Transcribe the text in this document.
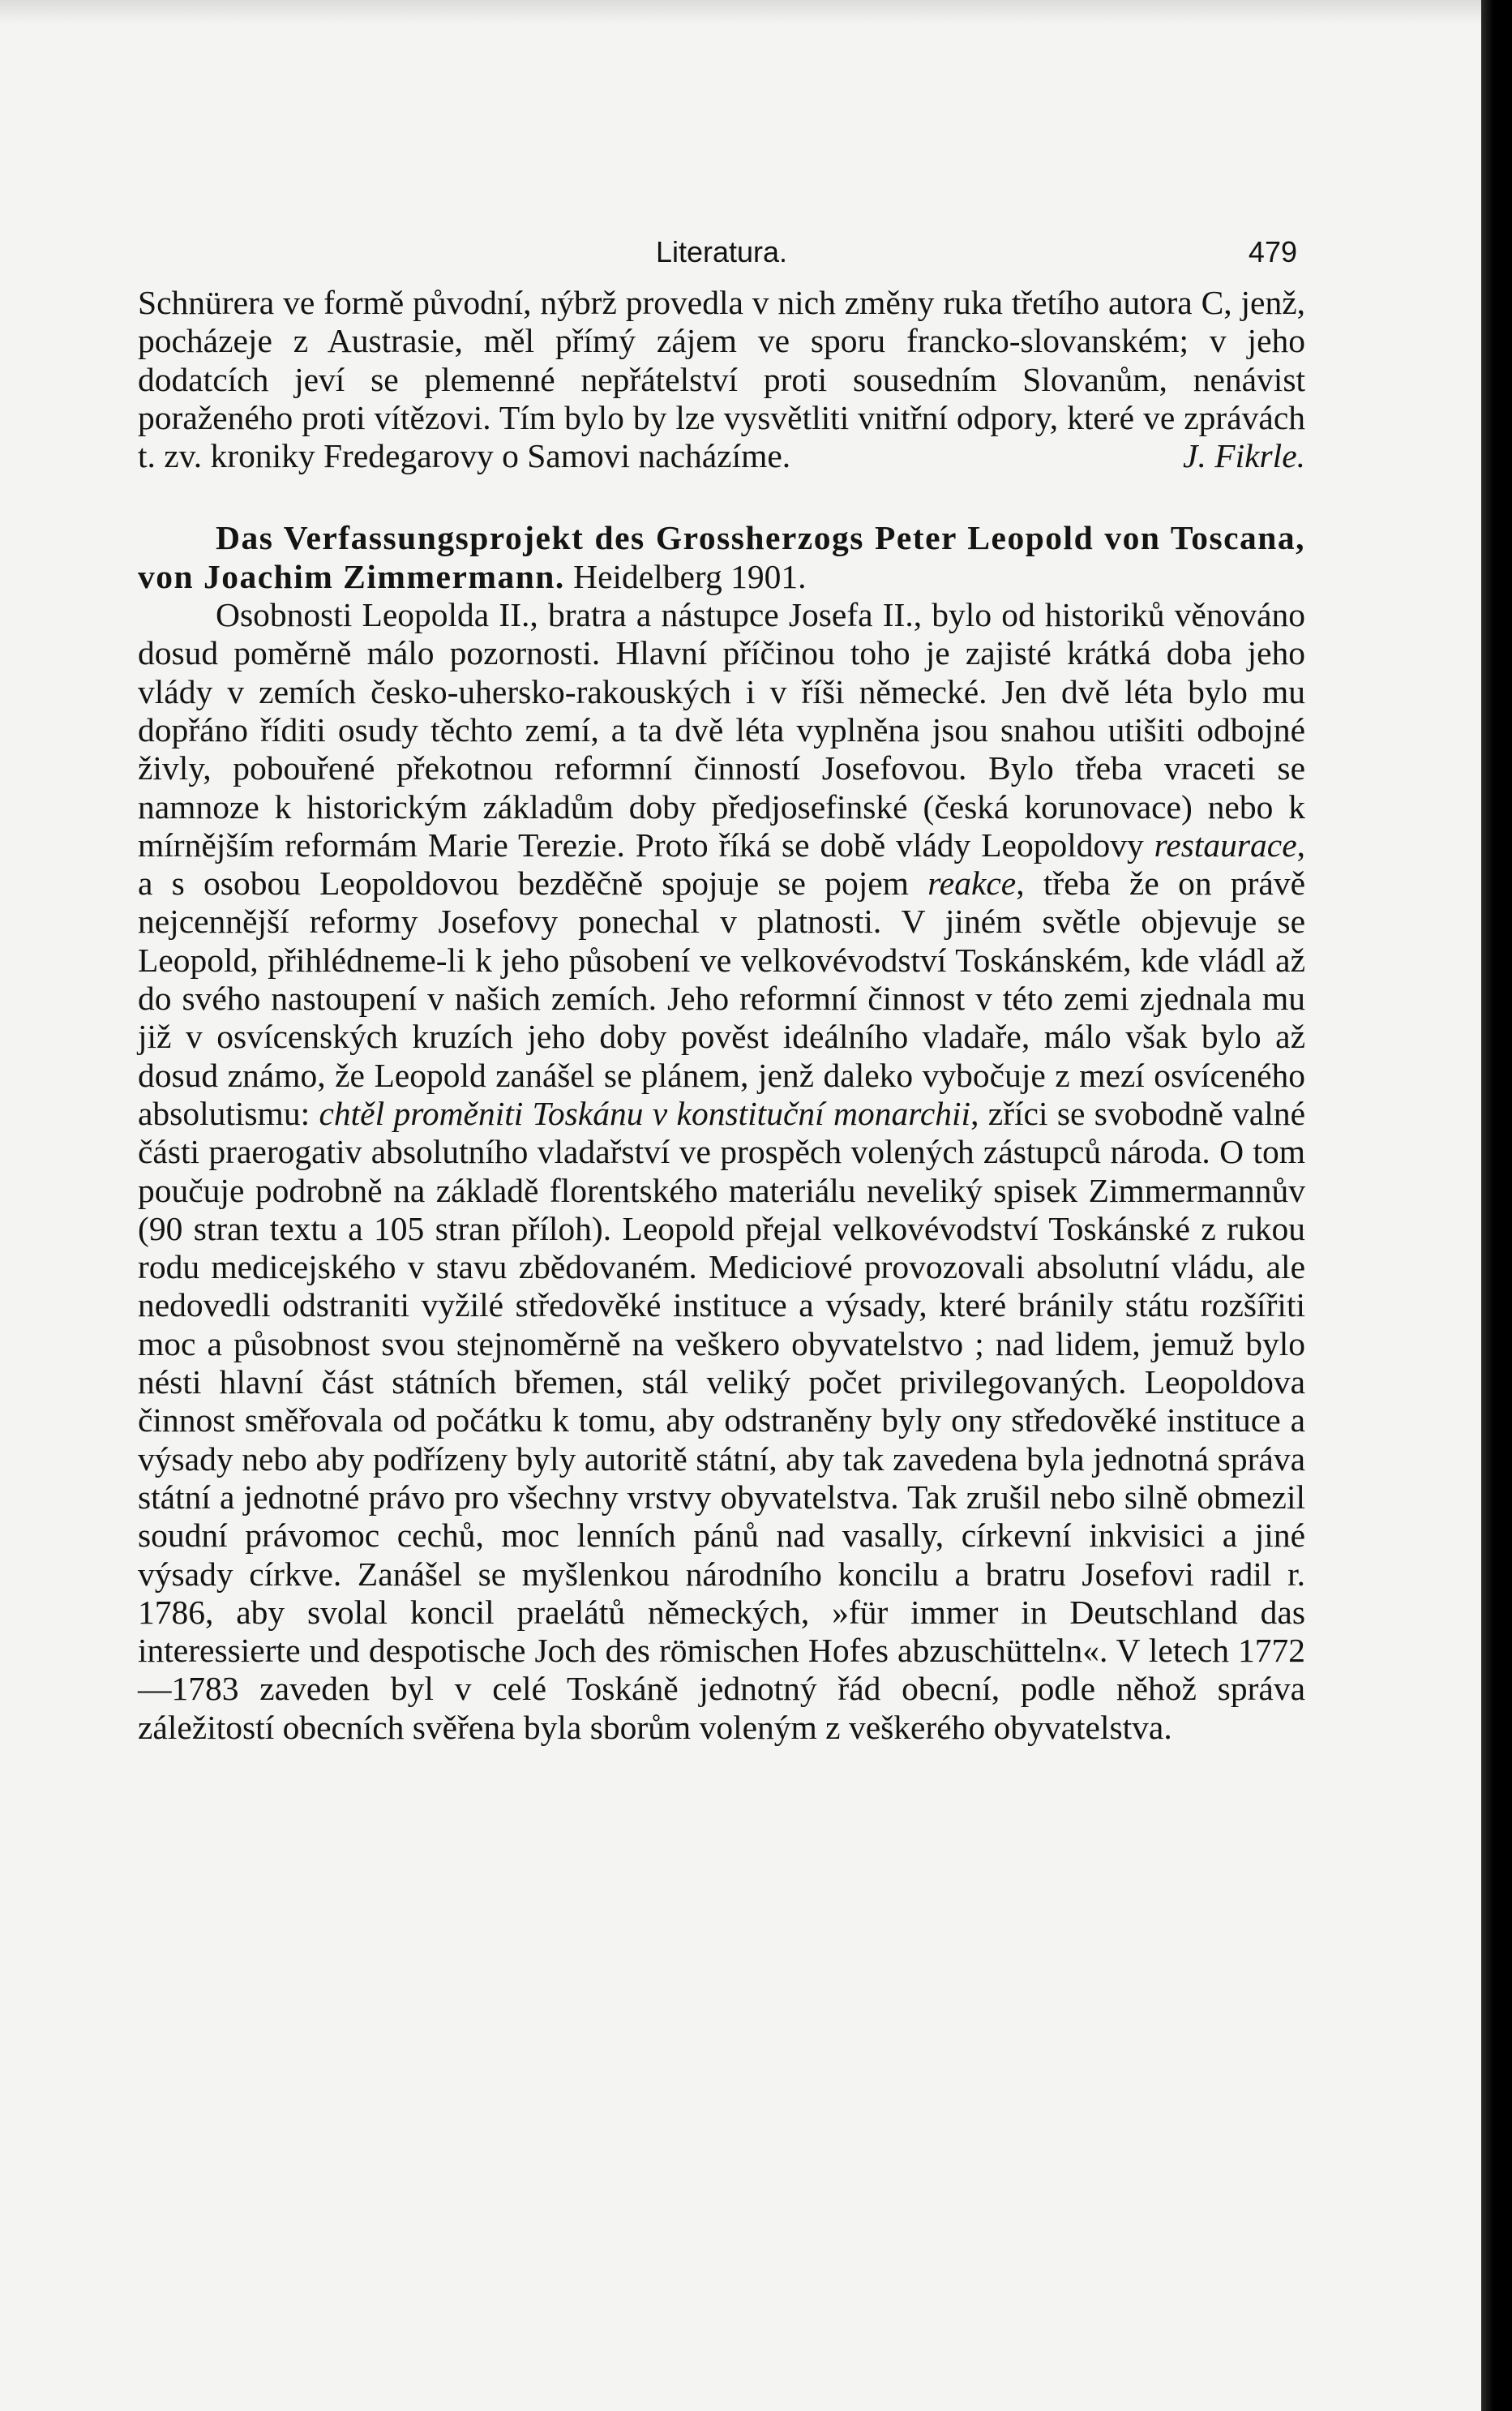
Literatura.	479

Schnürera ve formě původní, nýbrž provedla v nich změny ruka třetího autora C, jenž, pocházeje z Austrasie, měl přímý zájem ve sporu francko-slovanském; v jeho dodatcích jeví se plemenné nepřátelství proti sousedním Slovanům, nenávist poraženého proti vítězovi. Tím bylo by lze vysvětliti vnitřní odpory, které ve zprávách t. zv. kroniky Fredegarovy o Samovi nacházíme.	J. Fikrle.

Das Verfassungsprojekt des Grossherzogs Peter Leopold von Toscana, von Joachim Zimmermann. Heidelberg 1901.

Osobnosti Leopolda II., bratra a nástupce Josefa II., bylo od historiků věnováno dosud poměrně málo pozornosti. Hlavní příčinou toho je zajisté krátká doba jeho vlády v zemích česko-uhersko-rakouských i v říši německé. Jen dvě léta bylo mu dopřáno říditi osudy těchto zemí, a ta dvě léta vyplněna jsou snahou utišiti odbojné živly, pobouřené překotnou reformní činností Josefovou. Bylo třeba vraceti se namnoze k historickým základům doby předjosefinské (česká korunovace) nebo k mírnějším reformám Marie Terezie. Proto říká se době vlády Leopoldovy restaurace, a s osobou Leopoldovou bezděčně spojuje se pojem reakce, třeba že on právě nejcennější reformy Josefovy ponechal v platnosti. V jiném světle objevuje se Leopold, přihlédneme-li k jeho působení ve velkovévodství Toskánském, kde vládl až do svého nastoupení v našich zemích. Jeho reformní činnost v této zemi zjednala mu již v osvícenských kruzích jeho doby pověst ideálního vladaře, málo však bylo až dosud známo, že Leopold zanášel se plánem, jenž daleko vybočuje z mezí osvíceného absolutismu: chtěl proměniti Toskánu v konstituční monarchii, zříci se svobodně valné části praerogativ absolutního vladařství ve prospěch volených zástupců národa. O tom poučuje podrobně na základě florentského materiálu neveliký spisek Zimmermannův (90 stran textu a 105 stran příloh). Leopold přejal velkovévodství Toskánské z rukou rodu medicejského v stavu zbědovaném. Mediciové provozovali absolutní vládu, ale nedovedli odstraniti vyžilé středověké instituce a výsady, které bránily státu rozšířiti moc a působnost svou stejnoměrně na veškero obyvatelstvo ; nad lidem, jemuž bylo nésti hlavní část státních břemen, stál veliký počet privilegovaných. Leopoldova činnost směřovala od počátku k tomu, aby odstraněny byly ony středověké instituce a výsady nebo aby podřízeny byly autoritě státní, aby tak zavedena byla jednotná správa státní a jednotné právo pro všechny vrstvy obyvatelstva. Tak zrušil nebo silně obmezil soudní právomoc cechů, moc lenních pánů nad vasally, církevní inkvisici a jiné výsady církve. Zanášel se myšlenkou národního koncilu a bratru Josefovi radil r. 1786, aby svolal koncil praelátů německých, »für immer in Deutschland das interessierte und despotische Joch des römischen Hofes abzuschütteln«. V letech 1772—1783 zaveden byl v celé Toskáně jednotný řád obecní, podle něhož správa záležitostí obecních svěřena byla sborům voleným z veškerého obyvatelstva.
